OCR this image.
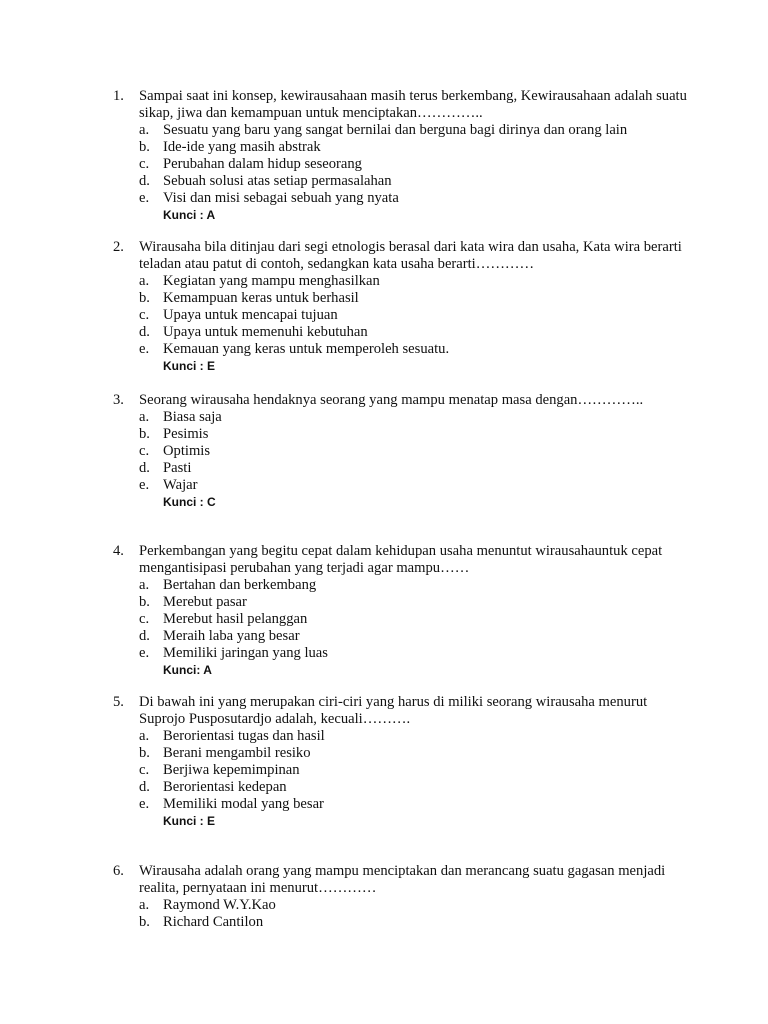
1. Sampai saat ini konsep, kewirausahaan masih terus berkembang, Kewirausahaan adalah suatu sikap, jiwa dan kemampuan untuk menciptakan…………..
a. Sesuatu yang baru yang sangat bernilai dan berguna bagi dirinya dan orang lain
b. Ide-ide yang masih abstrak
c. Perubahan dalam hidup seseorang
d. Sebuah solusi atas setiap permasalahan
e. Visi dan misi sebagai sebuah yang nyata
Kunci : A
2. Wirausaha bila ditinjau dari segi etnologis berasal dari kata wira dan usaha, Kata wira berarti teladan atau patut di contoh, sedangkan kata usaha berarti…………
a. Kegiatan yang mampu menghasilkan
b. Kemampuan keras untuk berhasil
c. Upaya untuk mencapai tujuan
d. Upaya untuk memenuhi kebutuhan
e. Kemauan yang keras untuk memperoleh sesuatu.
Kunci : E
3. Seorang wirausaha hendaknya seorang yang mampu menatap masa dengan…………..
a. Biasa saja
b. Pesimis
c. Optimis
d. Pasti
e. Wajar
Kunci : C
4. Perkembangan yang begitu cepat dalam kehidupan usaha menuntut wirausahauntuk cepat mengantisipasi perubahan yang terjadi agar mampu……
a. Bertahan dan berkembang
b. Merebut pasar
c. Merebut hasil pelanggan
d. Meraih laba yang besar
e. Memiliki jaringan yang luas
Kunci: A
5. Di bawah ini yang merupakan ciri-ciri yang harus di miliki seorang wirausaha menurut Suprojo Pusposutardjo adalah, kecuali……….
a. Berorientasi tugas dan hasil
b. Berani mengambil resiko
c. Berjiwa kepemimpinan
d. Berorientasi kedepan
e. Memiliki modal yang besar
Kunci : E
6. Wirausaha adalah orang yang mampu menciptakan dan merancang suatu gagasan menjadi realita, pernyataan ini menurut…………
a. Raymond W.Y.Kao
b. Richard Cantilon
